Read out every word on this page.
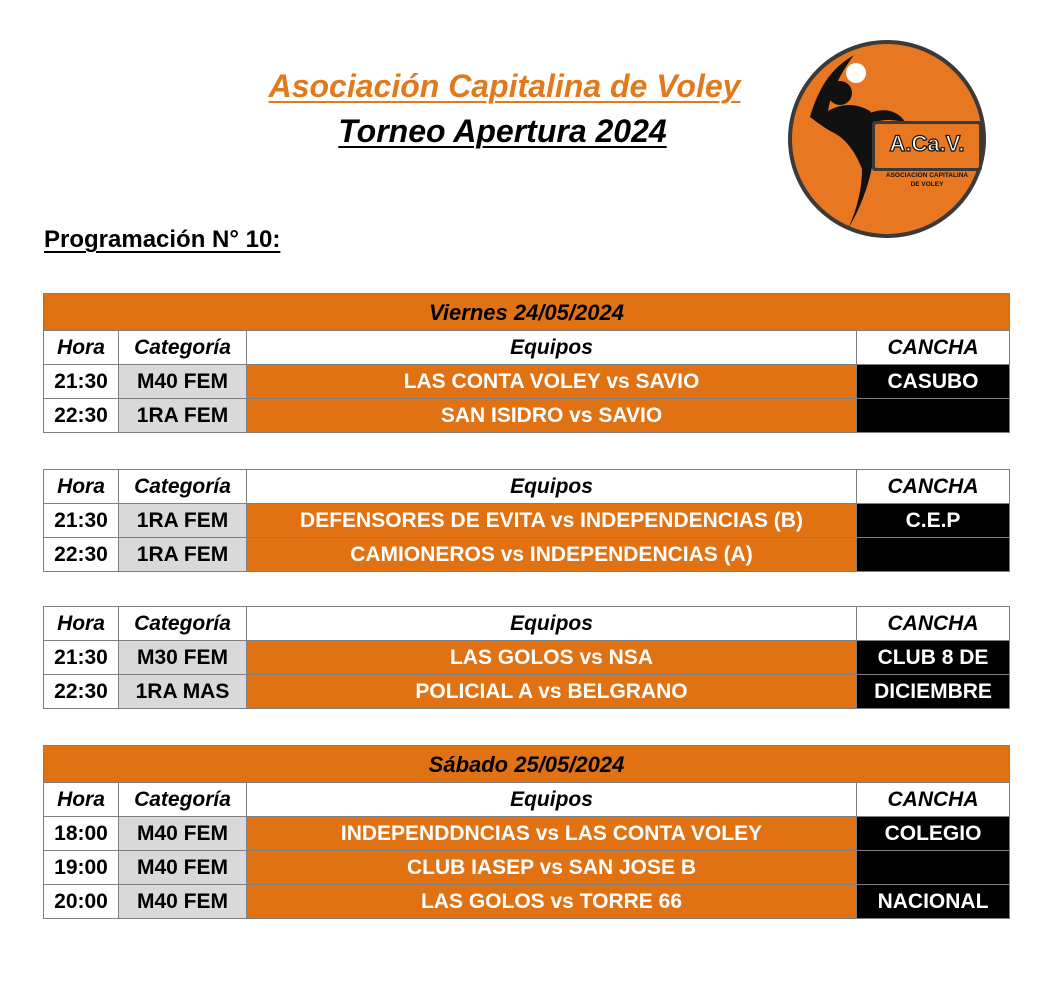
Asociación Capitalina de Voley
Torneo Apertura 2024	A.Ca.V.
ASOCIACION CAPITALINA
DE VOLEY
Programación N° 10:
Viernes 24/05/2024
Hora	Categoría	Equipos	CANCHA
21:30	M40 FEM	LAS CONTA VOLEY vs SAVIO	CASUBO
22:30	1RA FEM	SAN ISIDRO vs SAVIO
Hora	Categoría	Equipos	CANCHA
21:30	1RA FEM	DEFENSORES DE EVITA vs INDEPENDENCIAS (B)	C.E.P
22:30	1RA FEM	CAMIONEROS vs INDEPENDENCIAS (A)
Hora	Categoría	Equipos	CANCHA
21:30	M30 FEM	LAS GOLOS vs NSA	CLUB 8 DE
22:30	1RA MAS	POLICIAL A vs BELGRANO	DICIEMBRE
Sábado 25/05/2024
Hora	Categoría	Equipos	CANCHA
18:00	M40 FEM	INDEPENDDNCIAS vs LAS CONTA VOLEY	COLEGIO
19:00	M40 FEM	CLUB IASEP vs SAN JOSE B
20:00	M40 FEM	LAS GOLOS vs TORRE 66	NACIONAL
